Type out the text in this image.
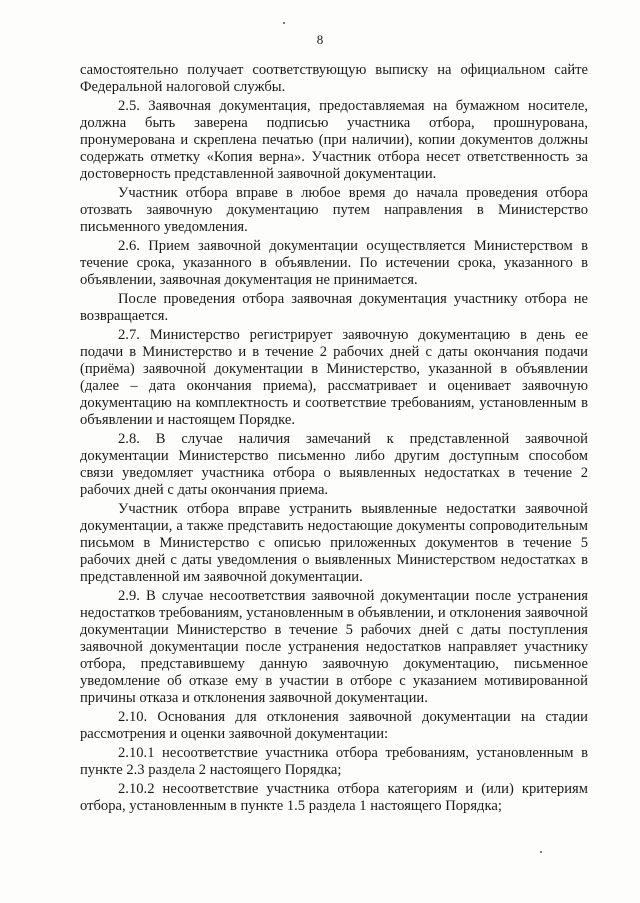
8

самостоятельно получает соответствующую выписку на официальном сайте Федеральной налоговой службы.

2.5. Заявочная документация, предоставляемая на бумажном носителе, должна быть заверена подписью участника отбора, прошнурована, пронумерована и скреплена печатью (при наличии), копии документов должны содержать отметку «Копия верна». Участник отбора несет ответственность за достоверность представленной заявочной документации.

Участник отбора вправе в любое время до начала проведения отбора отозвать заявочную документацию путем направления в Министерство письменного уведомления.

2.6. Прием заявочной документации осуществляется Министерством в течение срока, указанного в объявлении. По истечении срока, указанного в объявлении, заявочная документация не принимается.

После проведения отбора заявочная документация участнику отбора не возвращается.

2.7. Министерство регистрирует заявочную документацию в день ее подачи в Министерство и в течение 2 рабочих дней с даты окончания подачи (приёма) заявочной документации в Министерство, указанной в объявлении (далее – дата окончания приема), рассматривает и оценивает заявочную документацию на комплектность и соответствие требованиям, установленным в объявлении и настоящем Порядке.

2.8. В случае наличия замечаний к представленной заявочной документации Министерство письменно либо другим доступным способом связи уведомляет участника отбора о выявленных недостатках в течение 2 рабочих дней с даты окончания приема.

Участник отбора вправе устранить выявленные недостатки заявочной документации, а также представить недостающие документы сопроводительным письмом в Министерство с описью приложенных документов в течение 5 рабочих дней с даты уведомления о выявленных Министерством недостатках в представленной им заявочной документации.

2.9. В случае несоответствия заявочной документации после устранения недостатков требованиям, установленным в объявлении, и отклонения заявочной документации Министерство в течение 5 рабочих дней с даты поступления заявочной документации после устранения недостатков направляет участнику отбора, представившему данную заявочную документацию, письменное уведомление об отказе ему в участии в отборе с указанием мотивированной причины отказа и отклонения заявочной документации.

2.10. Основания для отклонения заявочной документации на стадии рассмотрения и оценки заявочной документации:

2.10.1 несоответствие участника отбора требованиям, установленным в пункте 2.3 раздела 2 настоящего Порядка;

2.10.2 несоответствие участника отбора категориям и (или) критериям отбора, установленным в пункте 1.5 раздела 1 настоящего Порядка;
